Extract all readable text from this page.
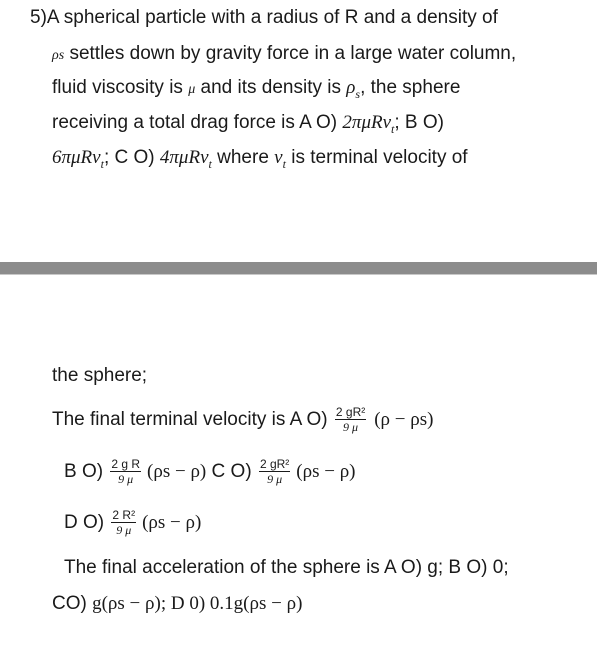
5)A spherical particle with a radius of R and a density of
ρs settles down by gravity force in a large water column,
fluid viscosity is μ and its density is $\rho_s$, the sphere
receiving a total drag force is A O) 2πμRv$_t$; B O)
6πμRv$_t$; C O) 4πμRv$_t$ where $v_t$ is terminal velocity of
the sphere;
The final terminal velocity is A $O) \frac{\text{2 gR²}}{9 \mu} (\rho - \rho s)$
B $O) \frac{\text{2 g R}}{9 \mu} (\rho s - \rho)$ C $O) \frac{\text{2 gR²}}{9 \mu} (\rho s - \rho)$
D $O) \frac{\text{2 R²}}{9 \mu} (\rho s - \rho)$
The final acceleration of the sphere is A O) g; B O) 0;
CO) g(ρs − ρ); D 0) 0.1g(ρs − ρ)
